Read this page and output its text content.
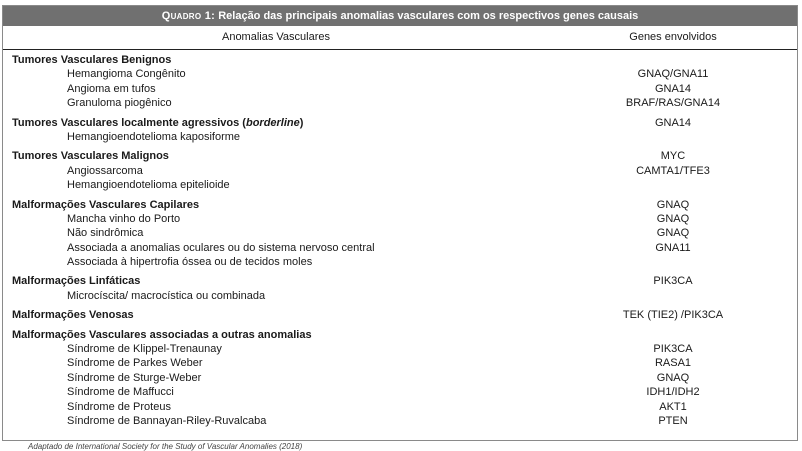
Quadro 1: Relação das principais anomalias vasculares com os respectivos genes causais
Anomalias Vasculares	Genes envolvidos
Tumores Vasculares Benignos
Hemangioma Congênito	GNAQ/GNA11
Angioma em tufos	GNA14
Granuloma piogênico	BRAF/RAS/GNA14
Tumores Vasculares localmente agressivos (borderline)	GNA14
Hemangioendotelioma kaposiforme
Tumores Vasculares Malignos	MYC
Angiossarcoma	CAMTA1/TFE3
Hemangioendotelioma epitelioide
Malformações Vasculares Capilares	GNAQ
Mancha vinho do Porto	GNAQ
Não sindrômica	GNAQ
Associada a anomalias oculares ou do sistema nervoso central	GNA11
Associada à hipertrofia óssea ou de tecidos moles
Malformações Linfáticas	PIK3CA
Microcíscita/ macrocística ou combinada
Malformações Venosas	TEK (TIE2) /PIK3CA
Malformações Vasculares associadas a outras anomalias
Síndrome de Klippel-Trenaunay	PIK3CA
Síndrome de Parkes Weber	RASA1
Síndrome de Sturge-Weber	GNAQ
Síndrome de Maffucci	IDH1/IDH2
Síndrome de Proteus	AKT1
Síndrome de Bannayan-Riley-Ruvalcaba	PTEN
Adaptado de International Society for the Study of Vascular Anomalies (2018)
